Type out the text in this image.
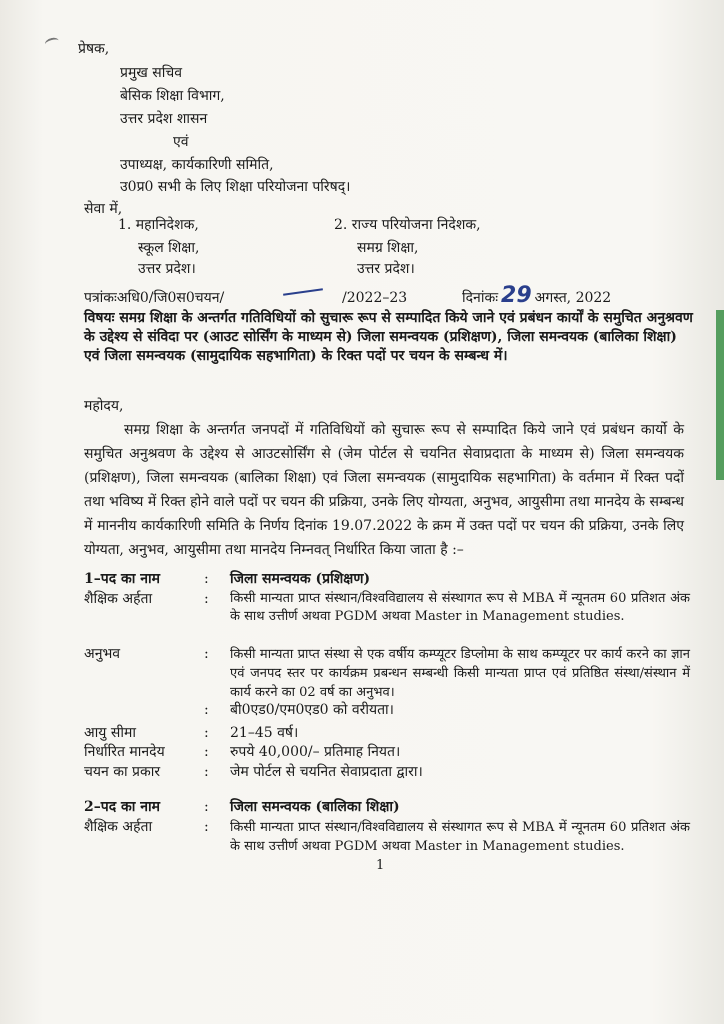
प्रेषक,
प्रमुख सचिव
बेसिक शिक्षा विभाग,
उत्तर प्रदेश शासन
एवं
उपाध्यक्ष, कार्यकारिणी समिति,
उ0प्र0 सभी के लिए शिक्षा परियोजना परिषद्।
सेवा में,
1. महानिदेशक,
स्कूल शिक्षा,
उत्तर प्रदेश।
2. राज्य परियोजना निदेशक,
समग्र शिक्षा,
उत्तर प्रदेश।
पत्रांकःअधि0/जि0स0चयन/	/2022–23	दिनांकः 29 अगस्त, 2022
विषयः समग्र शिक्षा के अन्तर्गत गतिविधियों को सुचारू रूप से सम्पादित किये जाने एवं प्रबंधन कार्यों के समुचित अनुश्रवण के उद्देश्य से संविदा पर (आउट सोर्सिंग के माध्यम से) जिला समन्वयक (प्रशिक्षण), जिला समन्वयक (बालिका शिक्षा) एवं जिला समन्वयक (सामुदायिक सहभागिता) के रिक्त पदों पर चयन के सम्बन्ध में।
महोदय,
समग्र शिक्षा के अन्तर्गत जनपदों में गतिविधियों को सुचारू रूप से सम्पादित किये जाने एवं प्रबंधन कार्यो के समुचित अनुश्रवण के उद्देश्य से आउटसोर्सिंग से (जेम पोर्टल से चयनित सेवाप्रदाता के माध्यम से) जिला समन्वयक (प्रशिक्षण), जिला समन्वयक (बालिका शिक्षा) एवं जिला समन्वयक (सामुदायिक सहभागिता) के वर्तमान में रिक्त पदों तथा भविष्य में रिक्त होने वाले पदों पर चयन की प्रक्रिया, उनके लिए योग्यता, अनुभव, आयुसीमा तथा मानदेय के सम्बन्ध में माननीय कार्यकारिणी समिति के निर्णय दिनांक 19.07.2022 के क्रम में उक्त पदों पर चयन की प्रक्रिया, उनके लिए योग्यता, अनुभव, आयुसीमा तथा मानदेय निम्नवत् निर्धारित किया जाता है :–
1–पद का नाम	: जिला समन्वयक (प्रशिक्षण)
शैक्षिक अर्हता	: किसी मान्यता प्राप्त संस्थान/विश्वविद्यालय से संस्थागत रूप से MBA में न्यूनतम 60 प्रतिशत अंक के साथ उत्तीर्ण अथवा PGDM अथवा Master in Management studies.
अनुभव	: किसी मान्यता प्राप्त संस्था से एक वर्षीय कम्प्यूटर डिप्लोमा के साथ कम्प्यूटर पर कार्य करने का ज्ञान एवं जनपद स्तर पर कार्यक्रम प्रबन्धन सम्बन्धी किसी मान्यता प्राप्त एवं प्रतिष्ठित संस्था/संस्थान में कार्य करने का 02 वर्ष का अनुभव।
: बी0एड0/एम0एड0 को वरीयता।
आयु सीमा	: 21–45 वर्ष।
निर्धारित मानदेय	: रुपये 40,000/– प्रतिमाह नियत।
चयन का प्रकार	: जेम पोर्टल से चयनित सेवाप्रदाता द्वारा।
2–पद का नाम	: जिला समन्वयक (बालिका शिक्षा)
शैक्षिक अर्हता	: किसी मान्यता प्राप्त संस्थान/विश्वविद्यालय से संस्थागत रूप से MBA में न्यूनतम 60 प्रतिशत अंक के साथ उत्तीर्ण अथवा PGDM अथवा Master in Management studies.
1
